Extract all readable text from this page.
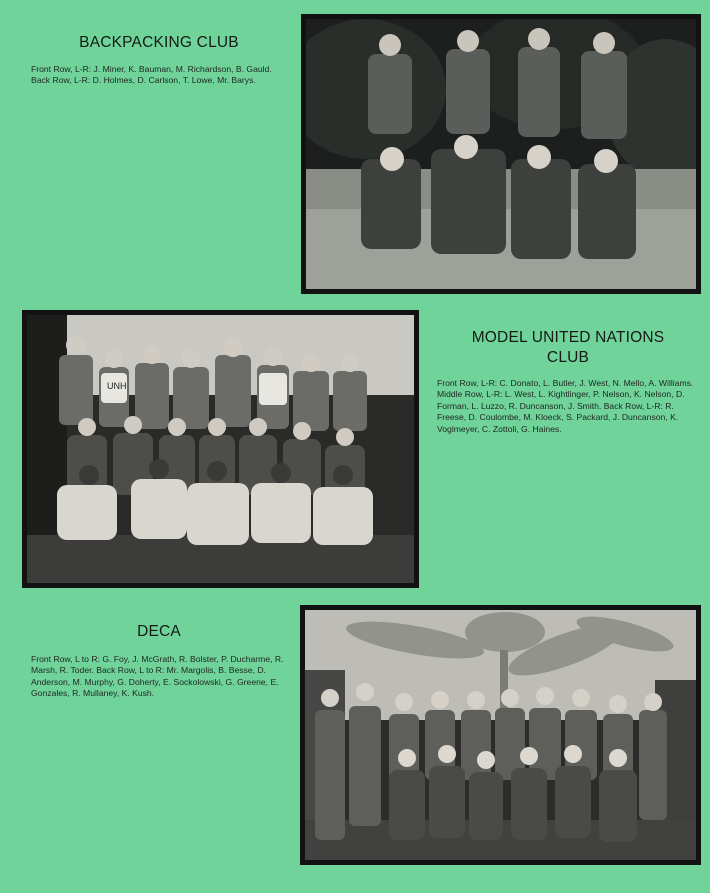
BACKPACKING CLUB

Front Row, L-R: J. Miner, K. Bauman, M. Richardson, B. Gauld. Back Row, L-R: D. Holmes, D. Carlson, T. Lowe, Mr. Barys.

UNH
MODEL UNITED NATIONS
CLUB

Front Row, L-R: C. Donato, L. Butler, J. West, N. Mello, A. Williams. Middle Row, L-R: L. West, L. Kightlinger, P. Nelson, K. Nelson, D. Forman, L. Luzzo, R. Duncanson, J. Smith. Back Row, L-R: R. Freese, D. Coulombe, M. Kloeck, S. Packard, J. Duncanson, K. Voglmeyer, C. Zottoli, G. Haines.

DECA

Front Row, L to R: G. Foy, J. McGrath, R. Bolster, P. Ducharme, R. Marsh, R. Toder. Back Row, L to R: Mr. Margolis, B. Besse, D. Anderson, M. Murphy, G. Doherty, E. Sockolowski, G. Greene, E. Gonzales, R. Mullaney, K. Kush.
